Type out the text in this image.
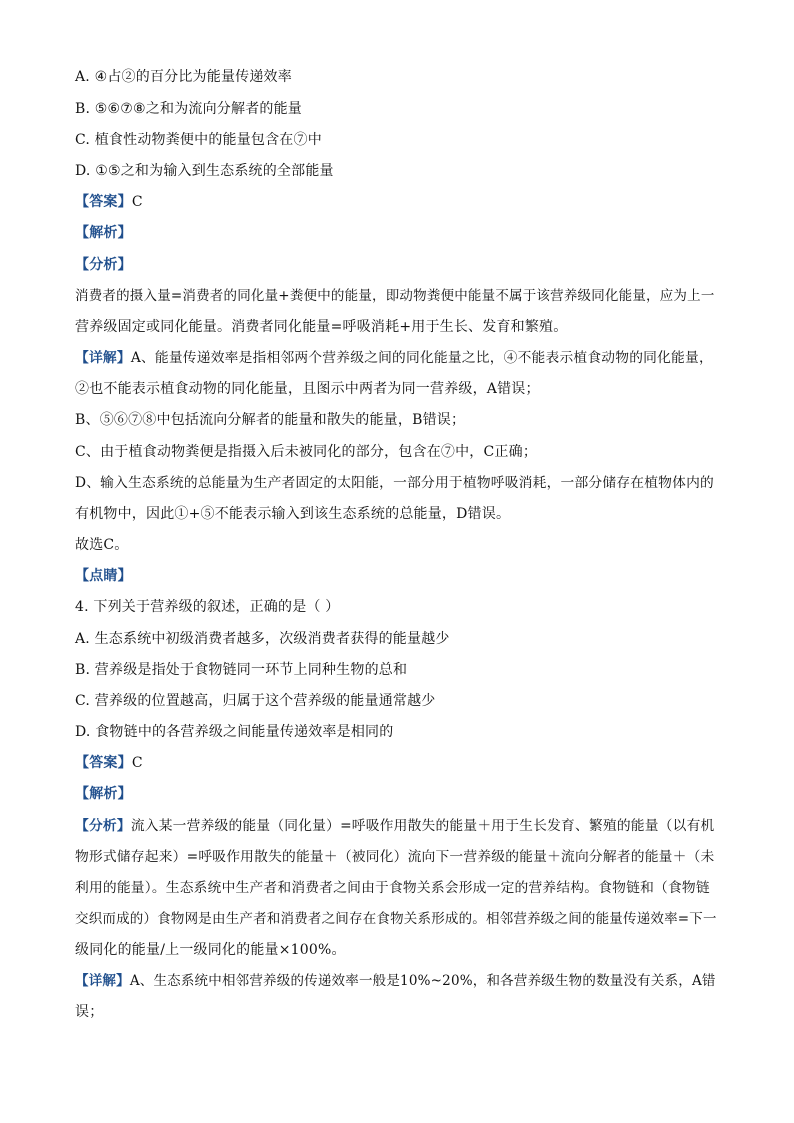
A. ④占②的百分比为能量传递效率
B. ⑤⑥⑦⑧之和为流向分解者的能量
C. 植食性动物粪便中的能量包含在⑦中
D. ①⑤之和为输入到生态系统的全部能量
【答案】C
【解析】
【分析】
消费者的摄入量=消费者的同化量+粪便中的能量，即动物粪便中能量不属于该营养级同化能量，应为上一
营养级固定或同化能量。消费者同化能量=呼吸消耗+用于生长、发育和繁殖。
【详解】A、能量传递效率是指相邻两个营养级之间的同化能量之比，④不能表示植食动物的同化能量，
②也不能表示植食动物的同化能量，且图示中两者为同一营养级，A错误；
B、⑤⑥⑦⑧中包括流向分解者的能量和散失的能量，B错误；
C、由于植食动物粪便是指摄入后未被同化的部分，包含在⑦中，C正确；
D、输入生态系统的总能量为生产者固定的太阳能，一部分用于植物呼吸消耗，一部分储存在植物体内的
有机物中，因此①+⑤不能表示输入到该生态系统的总能量，D错误。
故选C。
【点睛】
4. 下列关于营养级的叙述，正确的是（ ）
A. 生态系统中初级消费者越多，次级消费者获得的能量越少
B. 营养级是指处于食物链同一环节上同种生物的总和
C. 营养级的位置越高，归属于这个营养级的能量通常越少
D. 食物链中的各营养级之间能量传递效率是相同的
【答案】C
【解析】
【分析】流入某一营养级的能量（同化量）=呼吸作用散失的能量＋用于生长发育、繁殖的能量（以有机
物形式储存起来）=呼吸作用散失的能量＋（被同化）流向下一营养级的能量＋流向分解者的能量＋（未
利用的能量）。生态系统中生产者和消费者之间由于食物关系会形成一定的营养结构。食物链和（食物链
交织而成的）食物网是由生产者和消费者之间存在食物关系形成的。相邻营养级之间的能量传递效率=下一
级同化的能量/上一级同化的能量×100%。
【详解】A、生态系统中相邻营养级的传递效率一般是10%~20%，和各营养级生物的数量没有关系，A错
误；
